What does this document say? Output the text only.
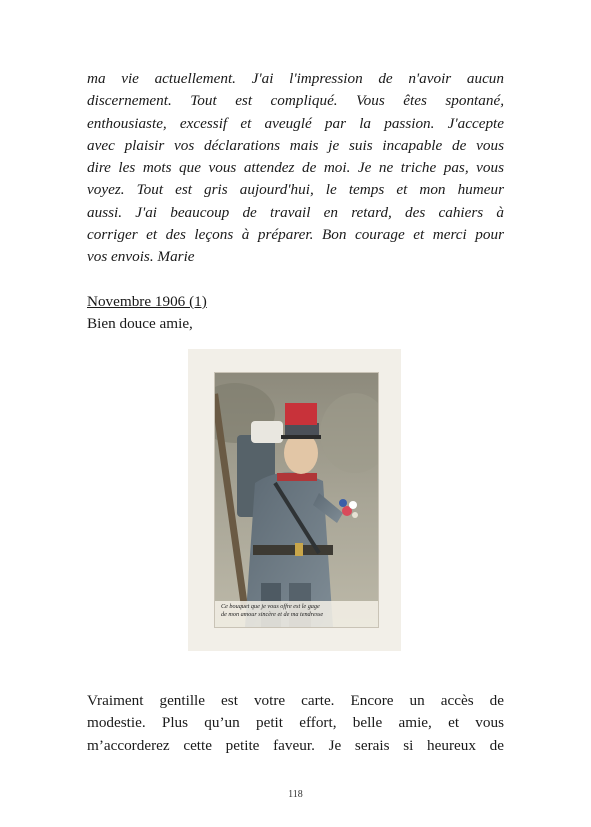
ma vie actuellement. J'ai l'impression de n'avoir aucun
discernement. Tout est compliqué. Vous êtes spontané,
enthousiaste, excessif et aveuglé par la passion. J'accepte
avec plaisir vos déclarations mais je suis incapable de vous
dire les mots que vous attendez de moi. Je ne triche pas, vous
voyez. Tout est gris aujourd'hui, le temps et mon humeur
aussi. J'ai beaucoup de travail en retard, des cahiers à
corriger et des leçons à préparer. Bon courage et merci pour
vos envois. Marie
Novembre 1906 (1)
Bien douce amie,
Ce bouquet que je vous offre est le gage
de mon amour sincère et de ma tendresse
Vraiment gentille est votre carte. Encore un accès de
modestie. Plus qu’un petit effort, belle amie, et vous
m’accorderez cette petite faveur. Je serais si heureux de
118
